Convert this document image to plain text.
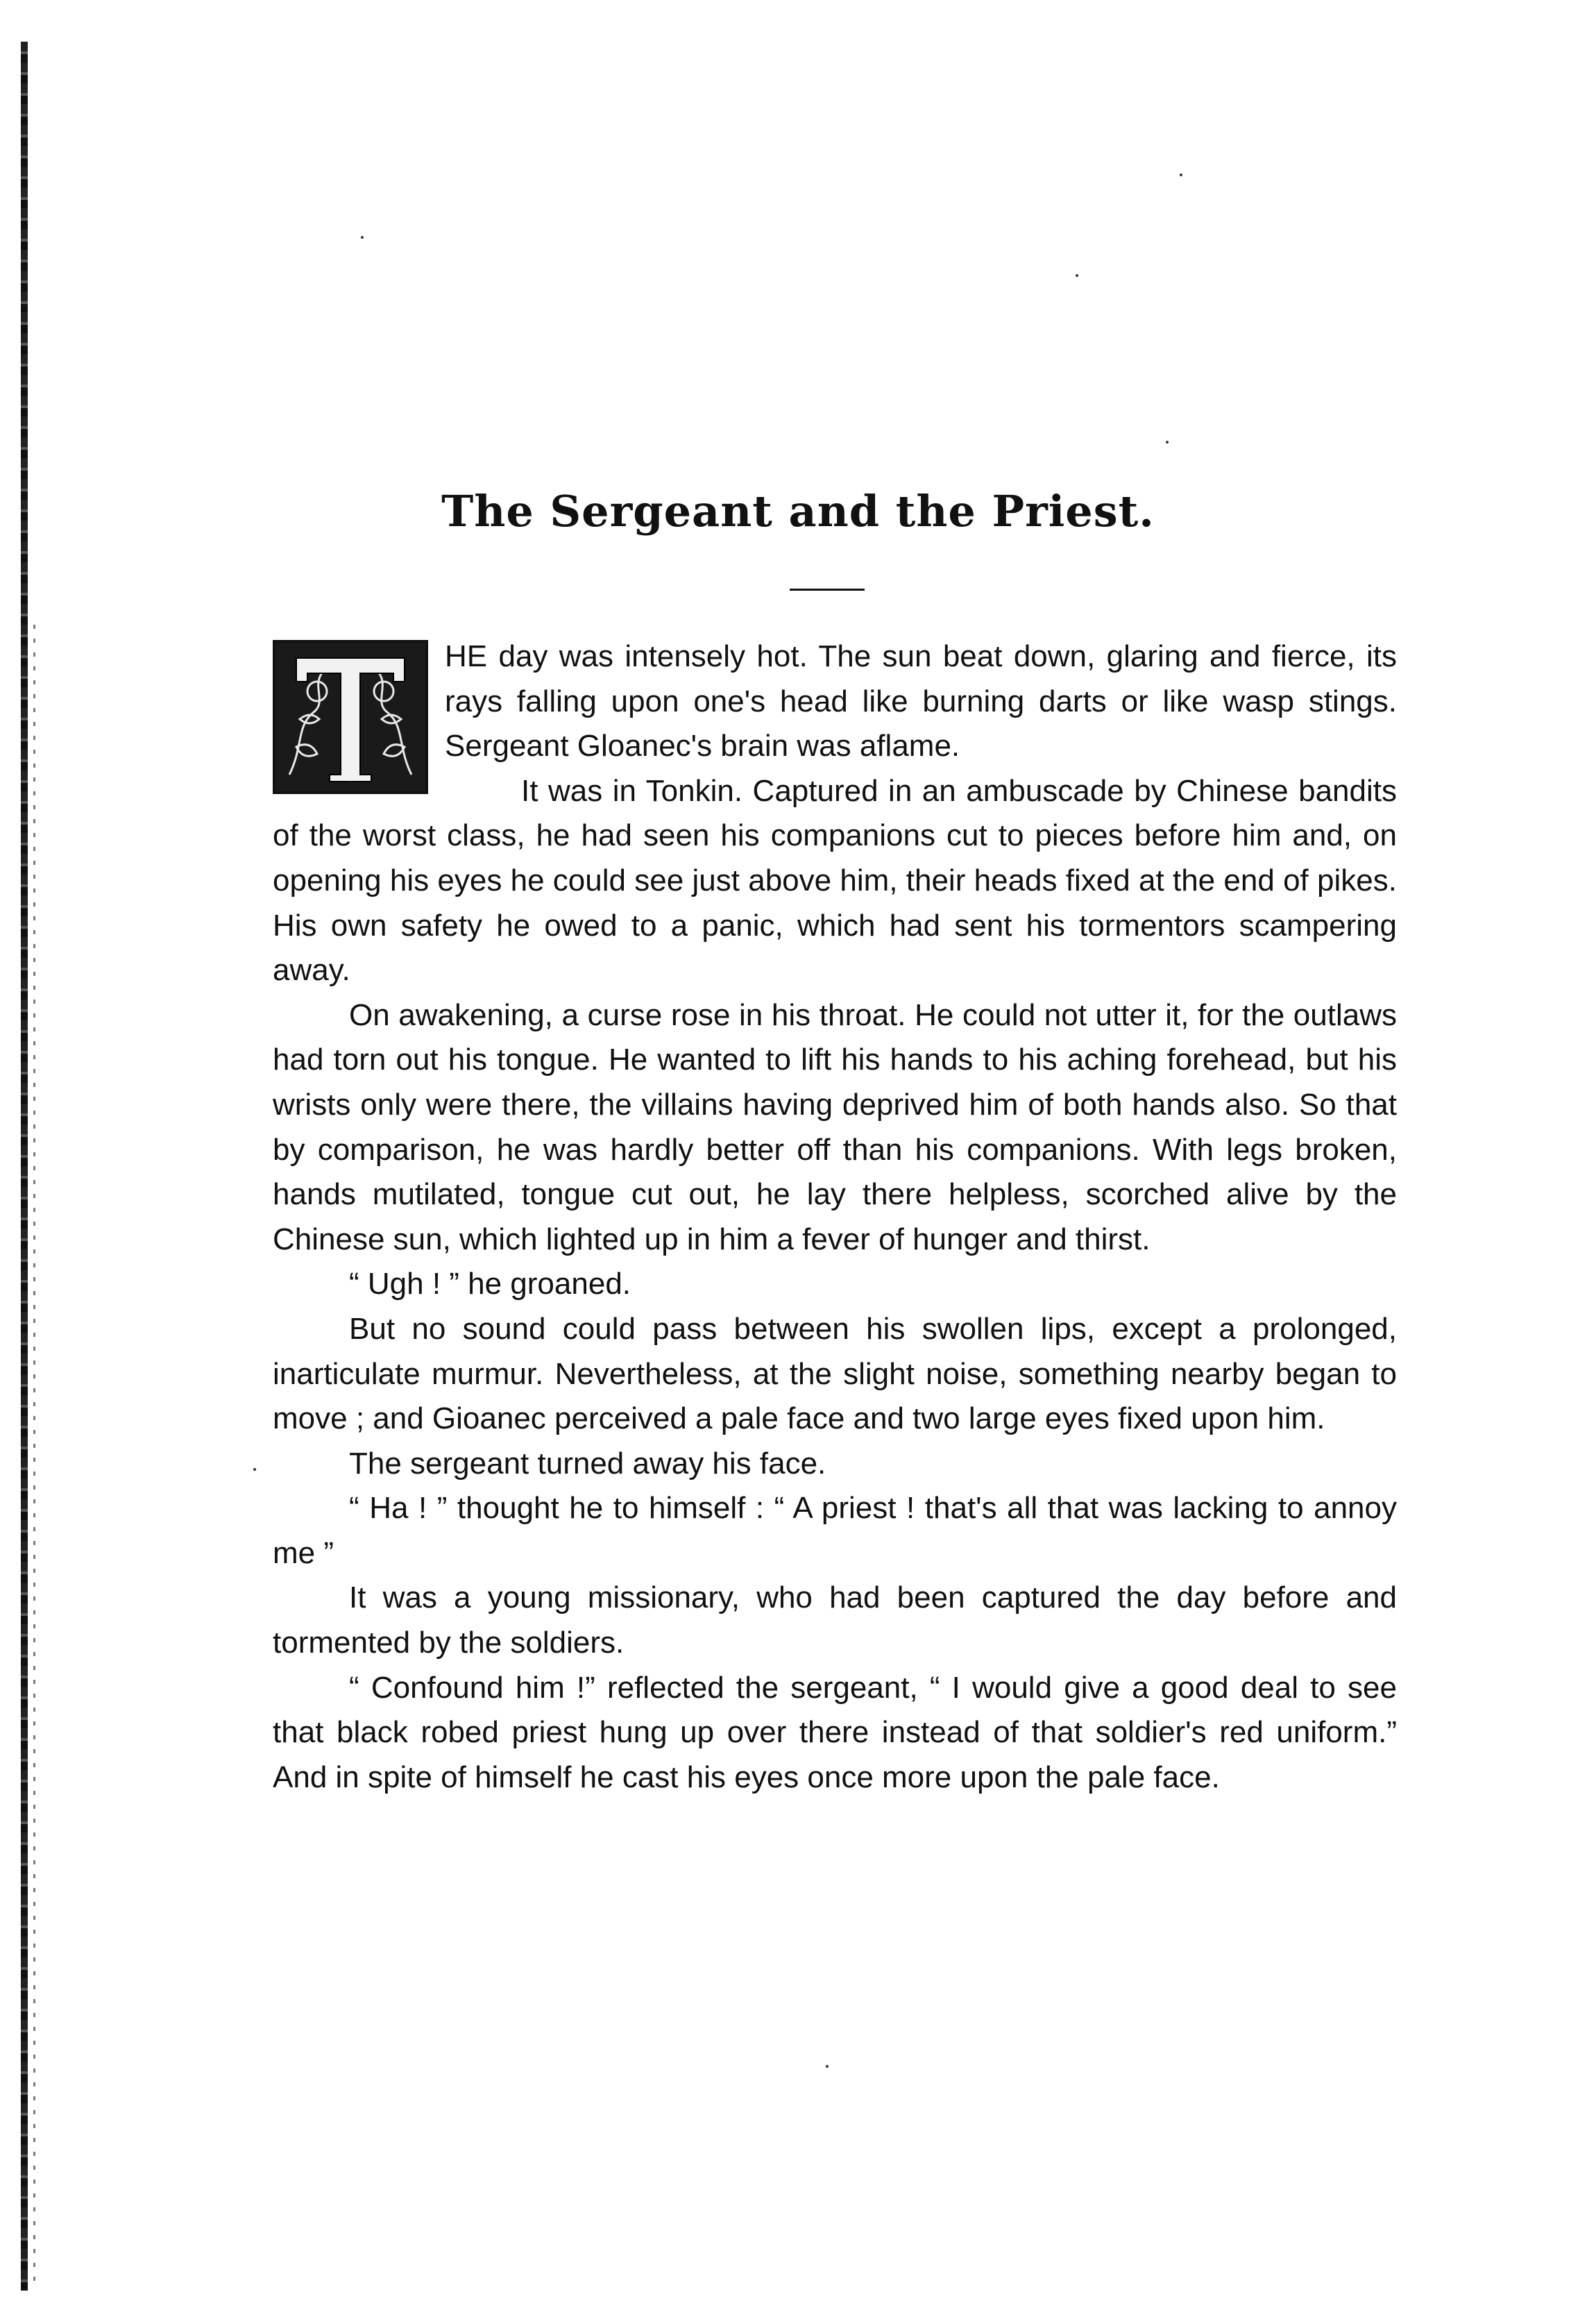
The Sergeant and the Priest.

T
HE day was intensely hot. The sun beat down, glaring and fierce, its rays falling upon one's head like burning darts or like wasp stings. Sergeant Gloanec's brain was aflame.

It was in Tonkin. Captured in an ambuscade by Chinese bandits of the worst class, he had seen his companions cut to pieces before him and, on opening his eyes he could see just above him, their heads fixed at the end of pikes. His own safety he owed to a panic, which had sent his tormentors scampering away.

On awakening, a curse rose in his throat. He could not utter it, for the outlaws had torn out his tongue. He wanted to lift his hands to his aching forehead, but his wrists only were there, the villains having deprived him of both hands also. So that by comparison, he was hardly better off than his companions. With legs broken, hands mutilated, tongue cut out, he lay there helpless, scorched alive by the Chinese sun, which lighted up in him a fever of hunger and thirst.

“ Ugh ! ” he groaned.

But no sound could pass between his swollen lips, except a prolonged, inarticulate murmur. Nevertheless, at the slight noise, something nearby began to move ; and Gioanec perceived a pale face and two large eyes fixed upon him.

The sergeant turned away his face.

“ Ha ! ” thought he to himself : “ A priest ! that's all that was lacking to annoy me ”

It was a young missionary, who had been captured the day before and tormented by the soldiers.

“ Confound him !” reflected the sergeant, “ I would give a good deal to see that black robed priest hung up over there instead of that soldier's red uniform.” And in spite of himself he cast his eyes once more upon the pale face.
